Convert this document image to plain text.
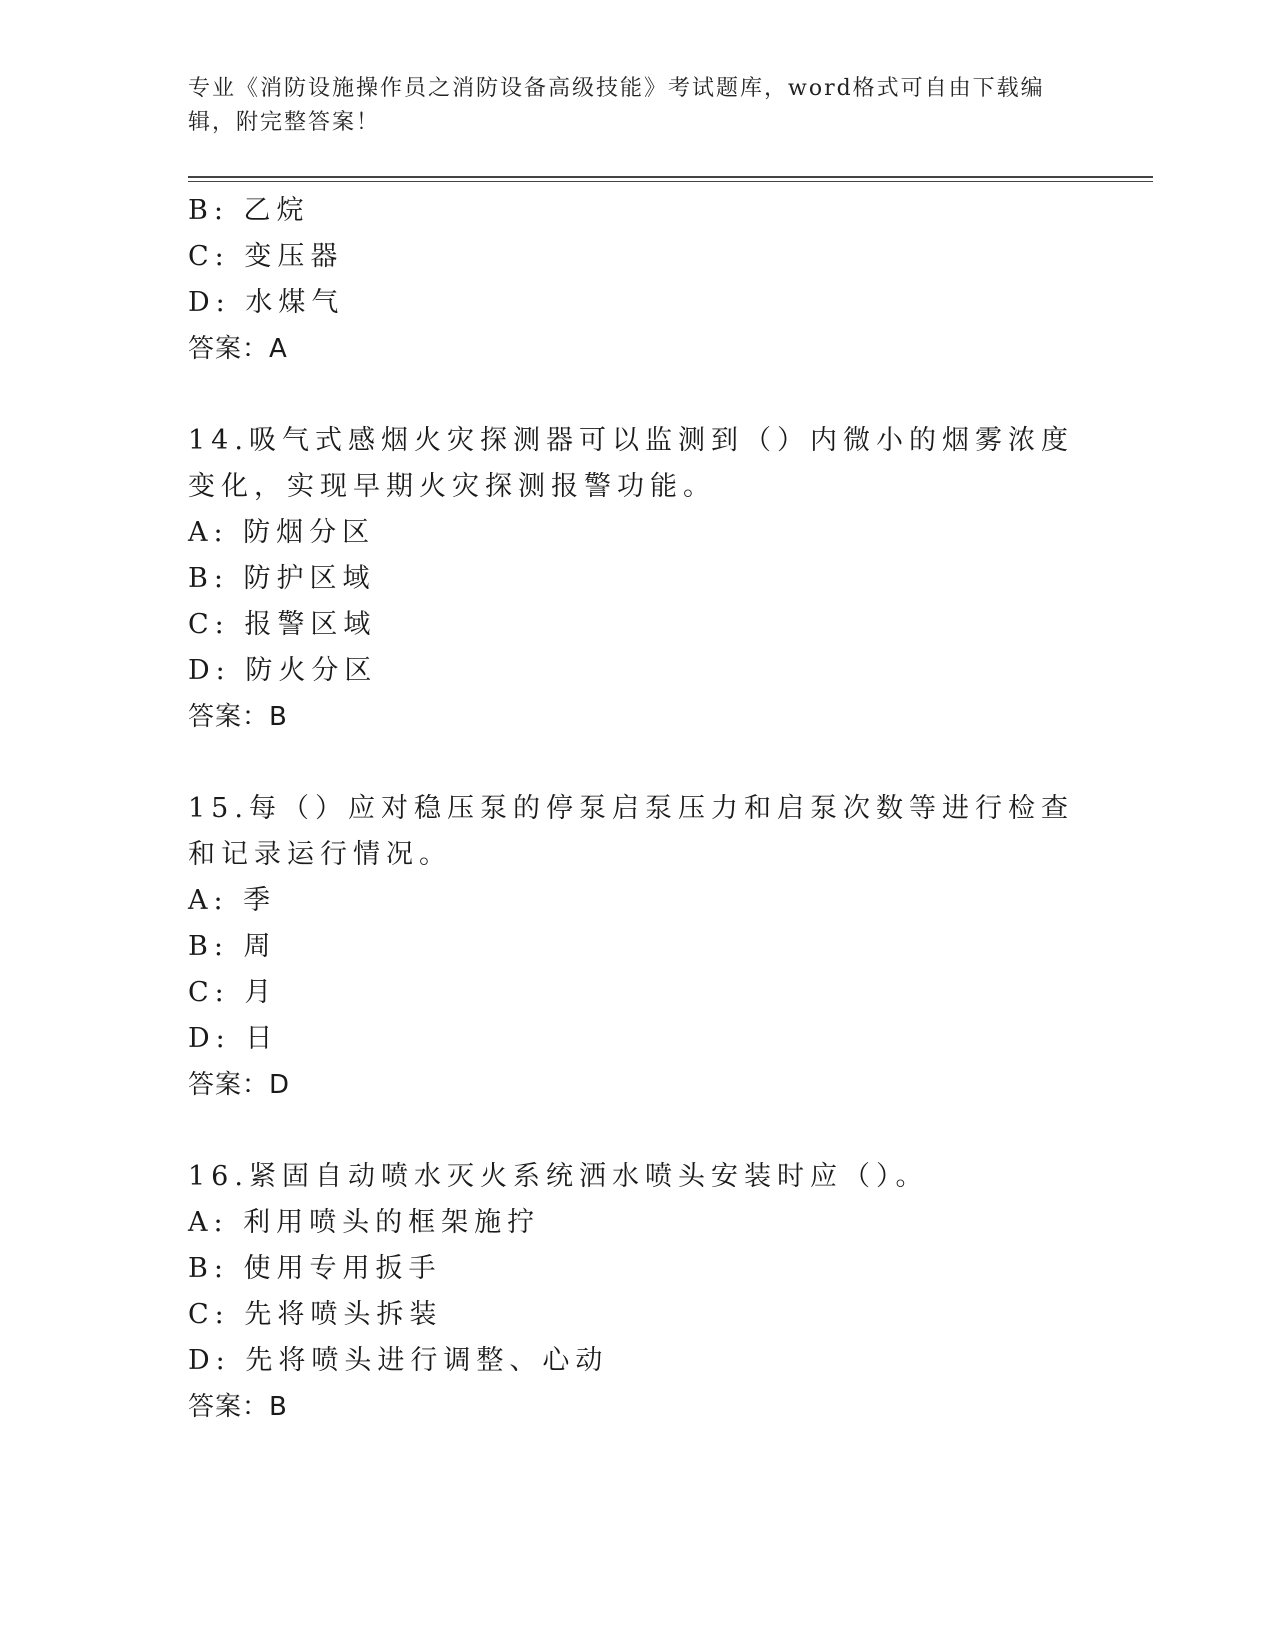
专业《消防设施操作员之消防设备高级技能》考试题库，word格式可自由下载编
辑，附完整答案！
B: 乙烷
C: 变压器
D: 水煤气
答案：A
14.吸气式感烟火灾探测器可以监测到（）内微小的烟雾浓度变化，实现早期火灾探测报警功能。
A: 防烟分区
B: 防护区域
C: 报警区域
D: 防火分区
答案：B
15.每（）应对稳压泵的停泵启泵压力和启泵次数等进行检查和记录运行情况。
A: 季
B: 周
C: 月
D: 日
答案：D
16.紧固自动喷水灭火系统洒水喷头安装时应（）。
A: 利用喷头的框架施拧
B: 使用专用扳手
C: 先将喷头拆装
D: 先将喷头进行调整、心动
答案：B
